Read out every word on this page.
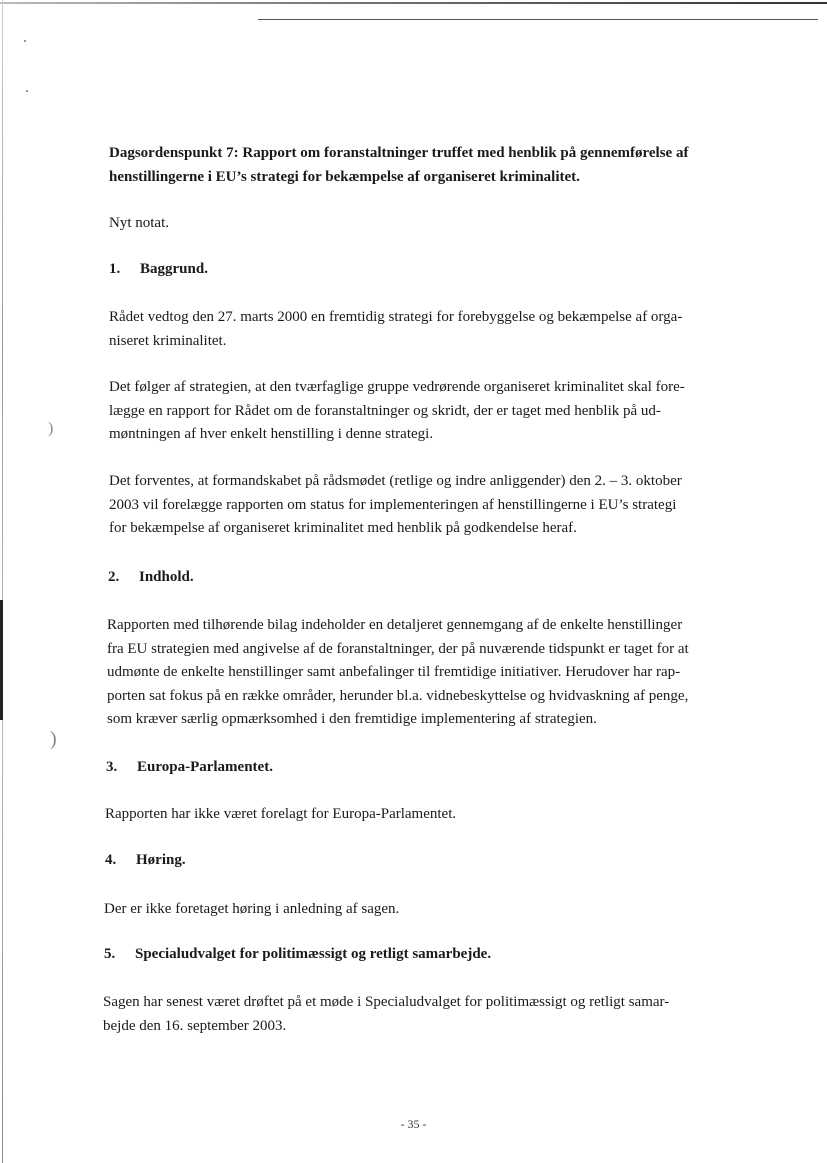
)
)

Dagsordenspunkt 7: Rapport om foranstaltninger truffet med henblik på gennemførelse af
henstillingerne i EU’s strategi for bekæmpelse af organiseret kriminalitet.

Nyt notat.

1. Baggrund.

Rådet vedtog den 27. marts 2000 en fremtidig strategi for forebyggelse og bekæmpelse af orga-
niseret kriminalitet.

Det følger af strategien, at den tværfaglige gruppe vedrørende organiseret kriminalitet skal fore-
lægge en rapport for Rådet om de foranstaltninger og skridt, der er taget med henblik på ud-
møntningen af hver enkelt henstilling i denne strategi.

Det forventes, at formandskabet på rådsmødet (retlige og indre anliggender) den 2. – 3. oktober
2003 vil forelægge rapporten om status for implementeringen af henstillingerne i EU’s strategi
for bekæmpelse af organiseret kriminalitet med henblik på godkendelse heraf.

2. Indhold.

Rapporten med tilhørende bilag indeholder en detaljeret gennemgang af de enkelte henstillinger
fra EU strategien med angivelse af de foranstaltninger, der på nuværende tidspunkt er taget for at
udmønte de enkelte henstillinger samt anbefalinger til fremtidige initiativer. Herudover har rap-
porten sat fokus på en række områder, herunder bl.a. vidnebeskyttelse og hvidvaskning af penge,
som kræver særlig opmærksomhed i den fremtidige implementering af strategien.

3. Europa-Parlamentet.

Rapporten har ikke været forelagt for Europa-Parlamentet.

4. Høring.

Der er ikke foretaget høring i anledning af sagen.

5. Specialudvalget for politimæssigt og retligt samarbejde.

Sagen har senest været drøftet på et møde i Specialudvalget for politimæssigt og retligt samar-
bejde den 16. september 2003.

- 35 -
